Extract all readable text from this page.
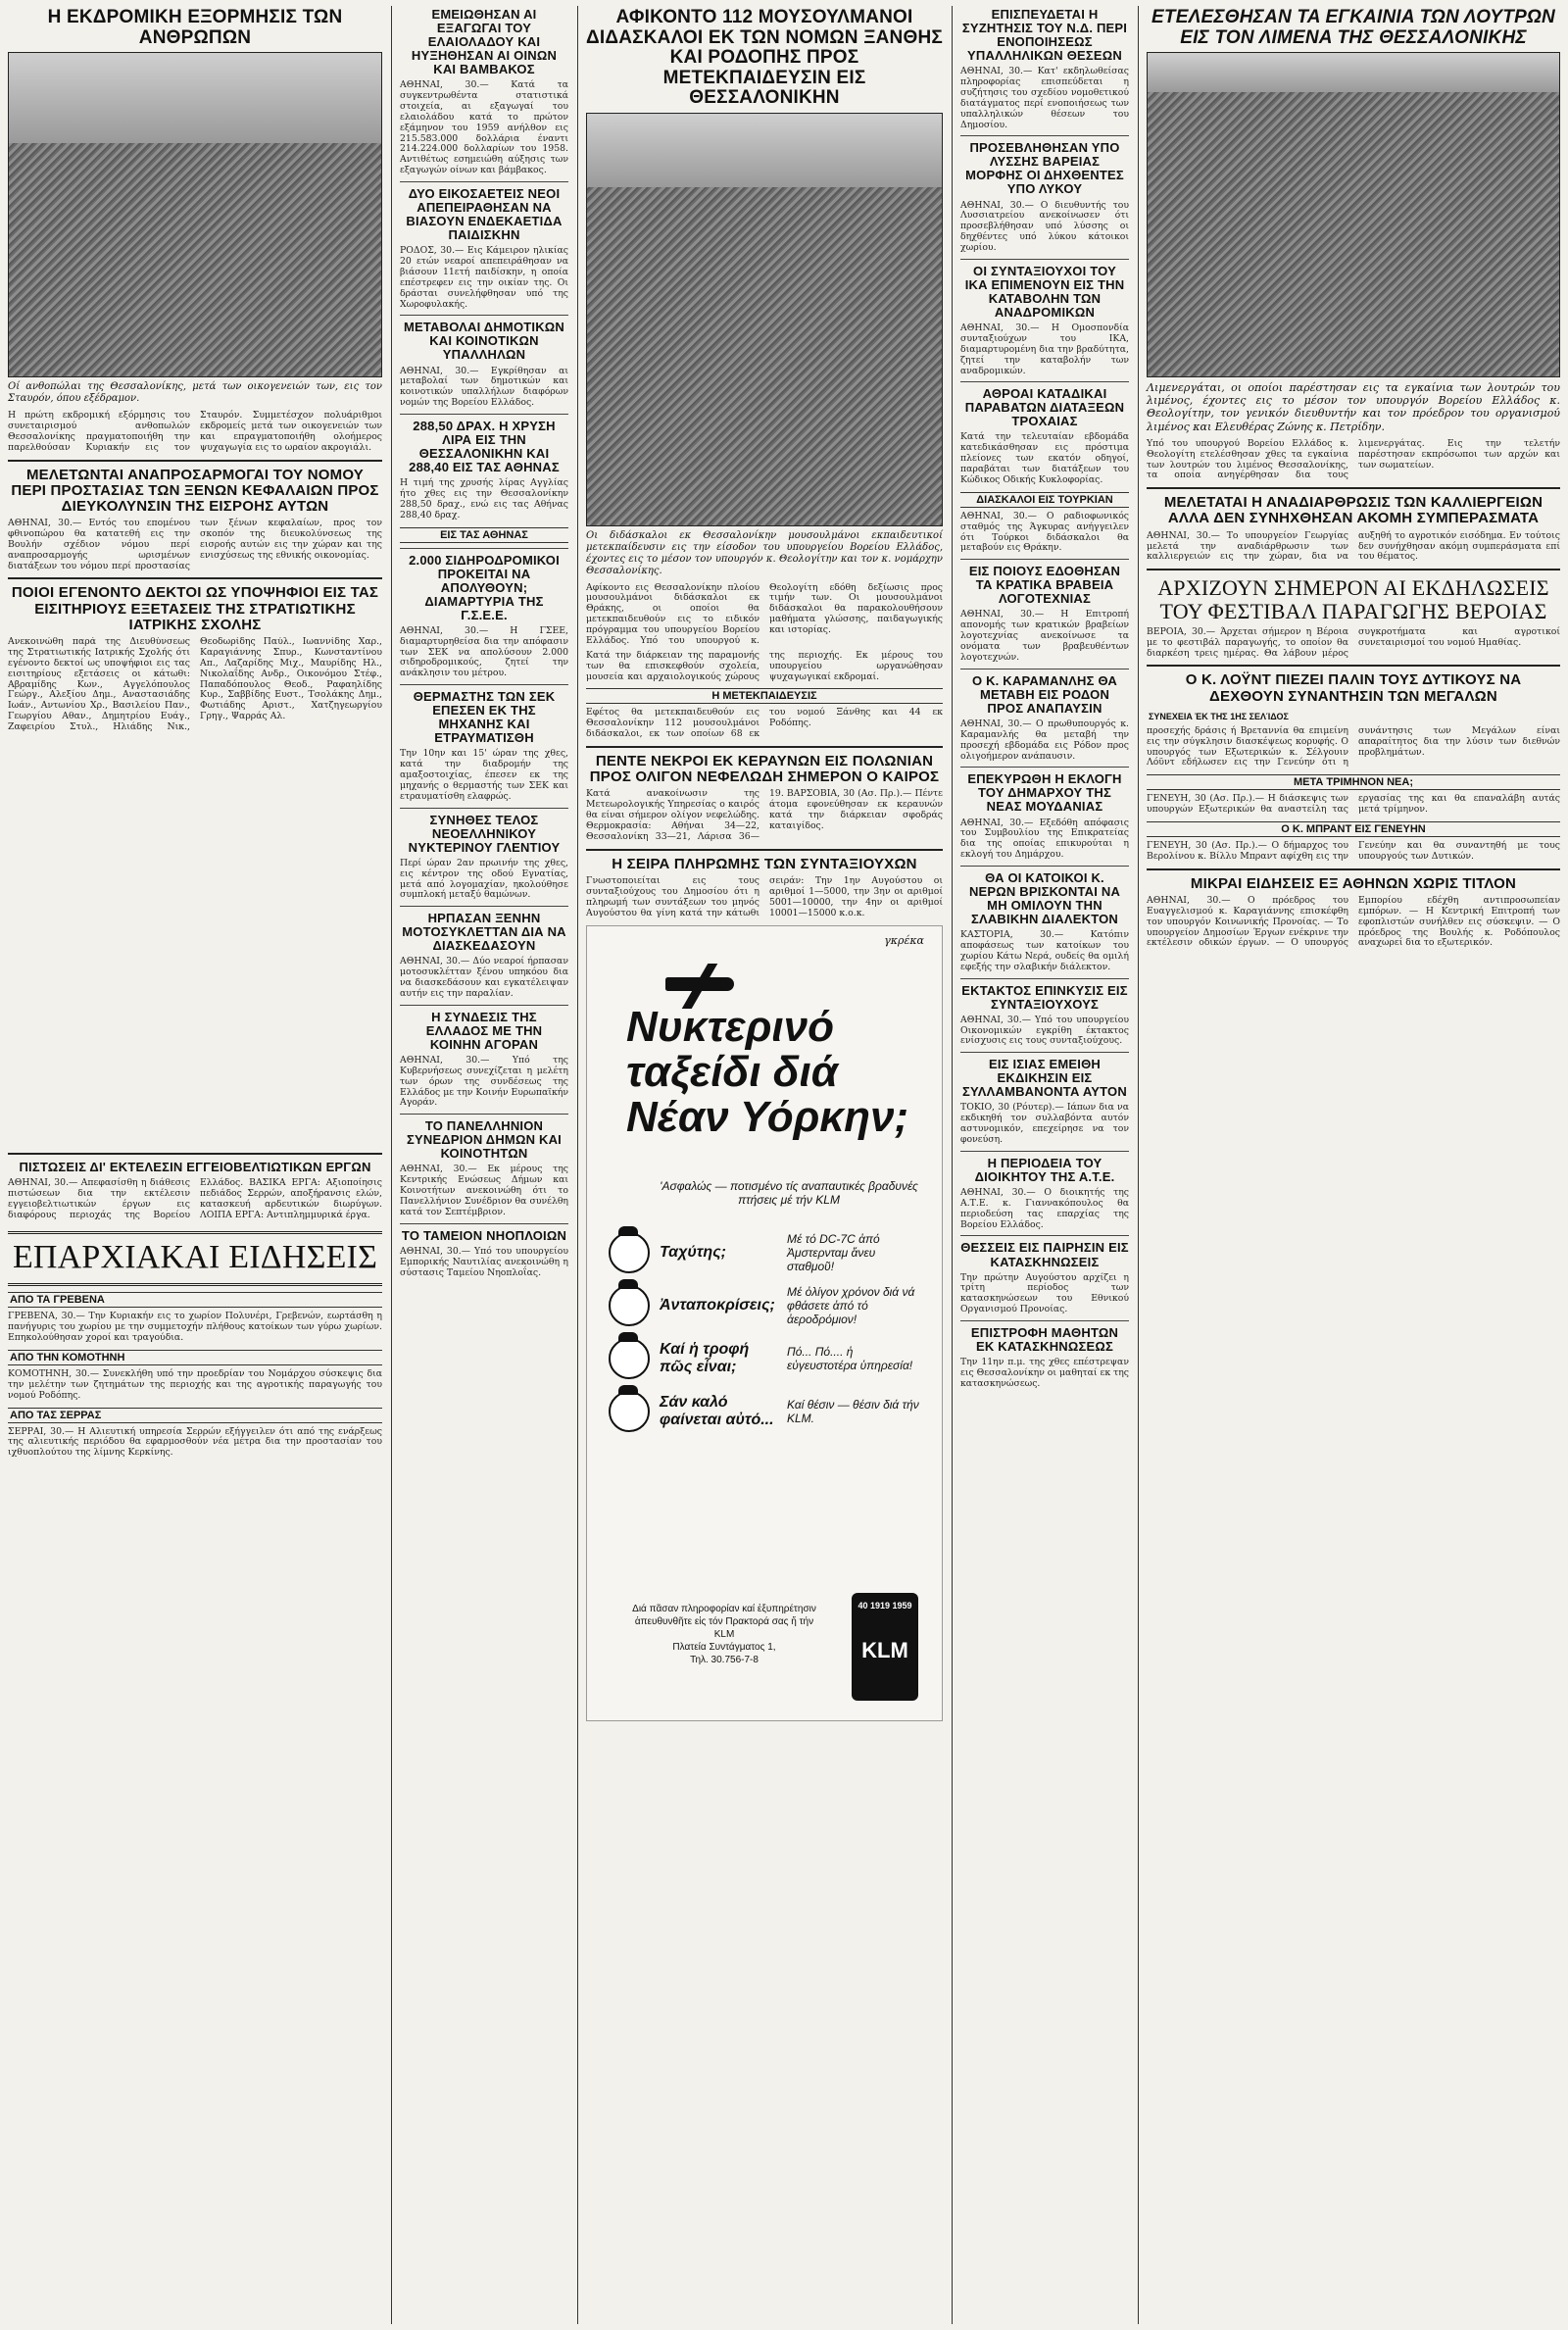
Η ΕΚΔΡΟΜΙΚΗ ΕΞΟΡΜΗΣΙΣ ΤΩΝ ΑΝΘΡΩΠΩΝ
Οί ανθοπώλαι της Θεσσαλονίκης, μετά των οικογενειών των, εις τον Σταυρόν, όπου εξέδραμον.
Η πρώτη εκδρομική εξόρμησις του συνεταιρισμού ανθοπωλών Θεσσαλονίκης πραγματοποιήθη την παρελθούσαν Κυριακήν εις τον Σταυρόν. Συμμετέσχον πολυάριθμοι εκδρομείς μετά των οικογενειών των και επραγματοποιήθη ολοήμερος ψυχαγωγία εις το ωραίον ακρογιάλι.
ΜΕΛΕΤΩΝΤΑΙ ΑΝΑΠΡΟΣΑΡΜΟΓΑΙ ΤΟΥ ΝΟΜΟΥ ΠΕΡΙ ΠΡΟΣΤΑΣΙΑΣ ΤΩΝ ΞΕΝΩΝ ΚΕΦΑΛΑΙΩΝ ΠΡΟΣ ΔΙΕΥΚΟΛΥΝΣΙΝ ΤΗΣ ΕΙΣΡΟΗΣ ΑΥΤΩΝ
ΑΘΗΝΑΙ, 30.— Εντός του επομένου φθινοπώρου θα κατατεθή εις την Βουλήν σχέδιον νόμου περί αναπροσαρμογής ωρισμένων διατάξεων του νόμου περί προστασίας των ξένων κεφαλαίων, προς τον σκοπόν της διευκολύνσεως της εισροής αυτών εις την χώραν και της ενισχύσεως της εθνικής οικονομίας.
ΠΟΙΟΙ ΕΓΕΝΟΝΤΟ ΔΕΚΤΟΙ ΩΣ ΥΠΟΨΗΦΙΟΙ ΕΙΣ ΤΑΣ ΕΙΣΙΤΗΡΙΟΥΣ ΕΞΕΤΑΣΕΙΣ ΤΗΣ ΣΤΡΑΤΙΩΤΙΚΗΣ ΙΑΤΡΙΚΗΣ ΣΧΟΛΗΣ
Ανεκοινώθη παρά της Διευθύνσεως της Στρατιωτικής Ιατρικής Σχολής ότι εγένοντο δεκτοί ως υποψήφιοι εις τας εισιτηρίους εξετάσεις οι κάτωθι: Αβραμίδης Κων., Αγγελόπουλος Γεώργ., Αλεξίου Δημ., Αναστασιάδης Ιωάν., Αντωνίου Χρ., Βασιλείου Παν., Γεωργίου Αθαν., Δημητρίου Ευάγ., Ζαφειρίου Στυλ., Ηλιάδης Νικ., Θεοδωρίδης Παύλ., Ιωαννίδης Χαρ., Καραγιάννης Σπυρ., Κωνσταντίνου Απ., Λαζαρίδης Μιχ., Μαυρίδης Ηλ., Νικολαΐδης Ανδρ., Οικονόμου Στέφ., Παπαδόπουλος Θεοδ., Ραφαηλίδης Κυρ., Σαββίδης Ευστ., Τσολάκης Δημ., Φωτιάδης Αριστ., Χατζηγεωργίου Γρηγ., Ψαρράς Αλ.
ΠΙΣΤΩΣΕΙΣ ΔΙ' ΕΚΤΕΛΕΣΙΝ ΕΓΓΕΙΟΒΕΛΤΙΩΤΙΚΩΝ ΕΡΓΩΝ
ΑΘΗΝΑΙ, 30.— Απεφασίσθη η διάθεσις πιστώσεων δια την εκτέλεσιν εγγειοβελτιωτικών έργων εις διαφόρους περιοχάς της Βορείου Ελλάδος. ΒΑΣΙΚΑ ΕΡΓΑ: Αξιοποίησις πεδιάδος Σερρών, αποξήρανσις ελών, κατασκευή αρδευτικών διωρύγων. ΛΟΙΠΑ ΕΡΓΑ: Αντιπλημμυρικά έργα.
ΕΠΑΡΧΙΑΚΑΙ ΕΙΔΗΣΕΙΣ
ΑΠΟ ΤΑ ΓΡΕΒΕΝΑ
ΓΡΕΒΕΝΑ, 30.— Την Κυριακήν εις το χωρίον Πολυνέρι, Γρεβενών, εωρτάσθη η πανήγυρις του χωρίου με την συμμετοχήν πλήθους κατοίκων των γύρω χωρίων. Επηκολούθησαν χοροί και τραγούδια.
ΑΠΟ ΤΗΝ ΚΟΜΟΤΗΝΗ
ΚΟΜΟΤΗΝΗ, 30.— Συνεκλήθη υπό την προεδρίαν του Νομάρχου σύσκεψις δια την μελέτην των ζητημάτων της περιοχής και της αγροτικής παραγωγής του νομού Ροδόπης.
ΑΠΟ ΤΑΣ ΣΕΡΡΑΣ
ΣΕΡΡΑΙ, 30.— Η Αλιευτική υπηρεσία Σερρών εξήγγειλεν ότι από της ενάρξεως της αλιευτικής περιόδου θα εφαρμοσθούν νέα μέτρα δια την προστασίαν του ιχθυοπλούτου της λίμνης Κερκίνης.
ΕΜΕΙΩΘΗΣΑΝ ΑΙ ΕΞΑΓΩΓΑΙ ΤΟΥ ΕΛΑΙΟΛΑΔΟΥ ΚΑΙ ΗΥΞΗΘΗΣΑΝ ΑΙ ΟΙΝΩΝ ΚΑΙ ΒΑΜΒΑΚΟΣ
ΑΘΗΝΑΙ, 30.— Κατά τα συγκεντρωθέντα στατιστικά στοιχεία, αι εξαγωγαί του ελαιολάδου κατά το πρώτον εξάμηνον του 1959 ανήλθον εις 215.583.000 δολλάρια έναντι 214.224.000 δολλαρίων του 1958. Αντιθέτως εσημειώθη αύξησις των εξαγωγών οίνων και βάμβακος.
ΔΥΟ ΕΙΚΟΣΑΕΤΕΙΣ ΝΕΟΙ ΑΠΕΠΕΙΡΑΘΗΣΑΝ ΝΑ ΒΙΑΣΟΥΝ ΕΝΔΕΚΑΕΤΙΔΑ ΠΑΙΔΙΣΚΗΝ
ΡΟΔΟΣ, 30.— Εις Κάμειρον ηλικίας 20 ετών νεαροί απεπειράθησαν να βιάσουν 11ετή παιδίσκην, η οποία επέστρεφεν εις την οικίαν της. Οι δράσται συνελήφθησαν υπό της Χωροφυλακής.
ΜΕΤΑΒΟΛΑΙ ΔΗΜΟΤΙΚΩΝ ΚΑΙ ΚΟΙΝΟΤΙΚΩΝ ΥΠΑΛΛΗΛΩΝ
ΑΘΗΝΑΙ, 30.— Εγκρίθησαν αι μεταβολαί των δημοτικών και κοινοτικών υπαλλήλων διαφόρων νομών της Βορείου Ελλάδος.
288,50 ΔΡΑΧ. Η ΧΡΥΣΗ ΛΙΡΑ ΕΙΣ ΤΗΝ ΘΕΣΣΑΛΟΝΙΚΗΝ ΚΑΙ 288,40 ΕΙΣ ΤΑΣ ΑΘΗΝΑΣ
Η τιμή της χρυσής λίρας Αγγλίας ήτο χθες εις την Θεσσαλονίκην 288,50 δραχ., ενώ εις τας Αθήνας 288,40 δραχ.
ΕΙΣ ΤΑΣ ΑΘΗΝΑΣ
2.000 ΣΙΔΗΡΟΔΡΟΜΙΚΟΙ ΠΡΟΚΕΙΤΑΙ ΝΑ ΑΠΟΛΥΘΟΥΝ; ΔΙΑΜΑΡΤΥΡΙΑ ΤΗΣ Γ.Σ.Ε.Ε.
ΑΘΗΝΑΙ, 30.— Η ΓΣΕΕ, διαμαρτυρηθείσα δια την απόφασιν των ΣΕΚ να απολύσουν 2.000 σιδηροδρομικούς, ζητεί την ανάκλησιν του μέτρου.
ΘΕΡΜΑΣΤΗΣ ΤΩΝ ΣΕΚ ΕΠΕΣΕΝ ΕΚ ΤΗΣ ΜΗΧΑΝΗΣ ΚΑΙ ΕΤΡΑΥΜΑΤΙΣΘΗ
Την 10ην και 15' ώραν της χθες, κατά την διαδρομήν της αμαξοστοιχίας, έπεσεν εκ της μηχανής ο θερμαστής των ΣΕΚ και ετραυματίσθη ελαφρώς.
ΣΥΝΗΘΕΣ ΤΕΛΟΣ ΝΕΟΕΛΛΗΝΙΚΟΥ ΝΥΚΤΕΡΙΝΟΥ ΓΛΕΝΤΙΟΥ
Περί ώραν 2αν πρωινήν της χθες, εις κέντρον της οδού Εγνατίας, μετά από λογομαχίαν, ηκολούθησε συμπλοκή μεταξύ θαμώνων.
ΗΡΠΑΣΑΝ ΞΕΝΗΝ ΜΟΤΟΣΥΚΛΕΤΤΑΝ ΔΙΑ ΝΑ ΔΙΑΣΚΕΔΑΣΟΥΝ
ΑΘΗΝΑΙ, 30.— Δύο νεαροί ήρπασαν μοτοσυκλέτταν ξένου υπηκόου δια να διασκεδάσουν και εγκατέλειψαν αυτήν εις την παραλίαν.
Η ΣΥΝΔΕΣΙΣ ΤΗΣ ΕΛΛΑΔΟΣ ΜΕ ΤΗΝ ΚΟΙΝΗΝ ΑΓΟΡΑΝ
ΑΘΗΝΑΙ, 30.— Υπό της Κυβερνήσεως συνεχίζεται η μελέτη των όρων της συνδέσεως της Ελλάδος με την Κοινήν Ευρωπαϊκήν Αγοράν.
ΤΟ ΠΑΝΕΛΛΗΝΙΟΝ ΣΥΝΕΔΡΙΟΝ ΔΗΜΩΝ ΚΑΙ ΚΟΙΝΟΤΗΤΩΝ
ΑΘΗΝΑΙ, 30.— Εκ μέρους της Κεντρικής Ενώσεως Δήμων και Κοινοτήτων ανεκοινώθη ότι το Πανελλήνιον Συνέδριον θα συνέλθη κατά τον Σεπτέμβριον.
ΤΟ ΤΑΜΕΙΟΝ ΝΗΟΠΛΟΙΩΝ
ΑΘΗΝΑΙ, 30.— Υπό του υπουργείου Εμπορικής Ναυτιλίας ανεκοινώθη η σύστασις Ταμείου Νηοπλοΐας.
ΑΦΙΚΟΝΤΟ 112 ΜΟΥΣΟΥΛΜΑΝΟΙ ΔΙΔΑΣΚΑΛΟΙ ΕΚ ΤΩΝ ΝΟΜΩΝ ΞΑΝΘΗΣ ΚΑΙ ΡΟΔΟΠΗΣ ΠΡΟΣ ΜΕΤΕΚΠΑΙΔΕΥΣΙΝ ΕΙΣ ΘΕΣΣΑΛΟΝΙΚΗΝ
Οι διδάσκαλοι εκ Θεσσαλονίκην μουσουλμάνοι εκπαιδευτικοί μετεκπαίδευσιν εις την είσοδον του υπουργείου Βορείου Ελλάδος, έχοντες εις το μέσον τον υπουργόν κ. Θεολογίτην και τον κ. νομάρχην Θεσσαλονίκης.
Αφίκοντο εις Θεσσαλονίκην πλοίου μουσουλμάνοι διδάσκαλοι εκ Θράκης, οι οποίοι θα μετεκπαιδευθούν εις το ειδικόν πρόγραμμα του υπουργείου Βορείου Ελλάδος. Υπό του υπουργού κ. Θεολογίτη εδόθη δεξίωσις προς τιμήν των. Οι μουσουλμάνοι διδάσκαλοι θα παρακολουθήσουν μαθήματα γλώσσης, παιδαγωγικής και ιστορίας.
Κατά την διάρκειαν της παραμονής των θα επισκεφθούν σχολεία, μουσεία και αρχαιολογικούς χώρους της περιοχής. Εκ μέρους του υπουργείου ωργανώθησαν ψυχαγωγικαί εκδρομαί.
Η ΜΕΤΕΚΠΑΙΔΕΥΣΙΣ
Εφέτος θα μετεκπαιδευθούν εις Θεσσαλονίκην 112 μουσουλμάνοι διδάσκαλοι, εκ των οποίων 68 εκ του νομού Ξάνθης και 44 εκ Ροδόπης.
ΠΕΝΤΕ ΝΕΚΡΟΙ ΕΚ ΚΕΡΑΥΝΩΝ ΕΙΣ ΠΟΛΩΝΙΑΝ ΠΡΟΣ ΟΛΙΓΟΝ ΝΕΦΕΛΩΔΗ ΣΗΜΕΡΟΝ Ο ΚΑΙΡΟΣ
Κατά ανακοίνωσιν της Μετεωρολογικής Υπηρεσίας ο καιρός θα είναι σήμερον ολίγον νεφελώδης. Θερμοκρασία: Αθήναι 34—22, Θεσσαλονίκη 33—21, Λάρισα 36—19. ΒΑΡΣΟΒΙΑ, 30 (Ασ. Πρ.).— Πέντε άτομα εφονεύθησαν εκ κεραυνών κατά την διάρκειαν σφοδράς καταιγίδος.
Η ΣΕΙΡΑ ΠΛΗΡΩΜΗΣ ΤΩΝ ΣΥΝΤΑΞΙΟΥΧΩΝ
Γνωστοποιείται εις τους συνταξιούχους του Δημοσίου ότι η πληρωμή των συντάξεων του μηνός Αυγούστου θα γίνη κατά την κάτωθι σειράν: Την 1ην Αυγούστου οι αριθμοί 1—5000, την 3ην οι αριθμοί 5001—10000, την 4ην οι αριθμοί 10001—15000 κ.ο.κ.
γκρέκα
Νυκτερινό
ταξείδι διά
Νέαν Υόρκην;
'Ασφαλώς — ποτισμένο τίς αναπαυτικές βραδυνές πτήσεις μέ τήν KLM
Ταχύτης;
Μέ τό DC-7C ἀπό Ἀμστερνταμ ἄνευ σταθμοῦ!
Ἀνταποκρίσεις;
Μέ ὀλίγον χρόνον διά νά φθάσετε ἀπό τό ἀεροδρόμιον!
Καί ἡ τροφή πῶς εἶναι;
Πό... Πό.... ἡ εὐγευστοτέρα ὑπηρεσία!
Σάν καλό φαίνεται αὐτό...
Καί θέσιν — θέσιν διά τήν KLM.
Διά πᾶσαν πληροφορίαν καί ἐξυπηρέτησιν ἀπευθυνθῆτε εἰς τόν Πρακτορά σας ἤ τήν KLM
Πλατεία Συντάγματος 1,
Τηλ. 30.756-7-8
40 1919 1959
KLM
ΕΠΙΣΠΕΥΔΕΤΑΙ Η ΣΥΖΗΤΗΣΙΣ ΤΟΥ Ν.Δ. ΠΕΡΙ ΕΝΟΠΟΙΗΣΕΩΣ ΥΠΑΛΛΗΛΙΚΩΝ ΘΕΣΕΩΝ
ΑΘΗΝΑΙ, 30.— Κατ' εκδηλωθείσας πληροφορίας επισπεύδεται η συζήτησις του σχεδίου νομοθετικού διατάγματος περί ενοποιήσεως των υπαλληλικών θέσεων του Δημοσίου.
ΠΡΟΣΕΒΛΗΘΗΣΑΝ ΥΠΟ ΛΥΣΣΗΣ ΒΑΡΕΙΑΣ ΜΟΡΦΗΣ ΟΙ ΔΗΧΘΕΝΤΕΣ ΥΠΟ ΛΥΚΟΥ
ΑΘΗΝΑΙ, 30.— Ο διευθυντής του Λυσσιατρείου ανεκοίνωσεν ότι προσεβλήθησαν υπό λύσσης οι δηχθέντες υπό λύκου κάτοικοι χωρίου.
ΟΙ ΣΥΝΤΑΞΙΟΥΧΟΙ ΤΟΥ ΙΚΑ ΕΠΙΜΕΝΟΥΝ ΕΙΣ ΤΗΝ ΚΑΤΑΒΟΛΗΝ ΤΩΝ ΑΝΑΔΡΟΜΙΚΩΝ
ΑΘΗΝΑΙ, 30.— Η Ομοσπονδία συνταξιούχων του ΙΚΑ, διαμαρτυρομένη δια την βραδύτητα, ζητεί την καταβολήν των αναδρομικών.
ΑΘΡΟΑΙ ΚΑΤΑΔΙΚΑΙ ΠΑΡΑΒΑΤΩΝ ΔΙΑΤΑΞΕΩΝ ΤΡΟΧΑΙΑΣ
Κατά την τελευταίαν εβδομάδα κατεδικάσθησαν εις πρόστιμα πλείονες των εκατόν οδηγοί, παραβάται των διατάξεων του Κώδικος Οδικής Κυκλοφορίας.
ΔΙΑΣΚΑΛΟΙ ΕΙΣ ΤΟΥΡΚΙΑΝ
ΑΘΗΝΑΙ, 30.— Ο ραδιοφωνικός σταθμός της Άγκυρας ανήγγειλεν ότι Τούρκοι διδάσκαλοι θα μεταβούν εις Θράκην.
ΕΙΣ ΠΟΙΟΥΣ ΕΔΟΘΗΣΑΝ ΤΑ ΚΡΑΤΙΚΑ ΒΡΑΒΕΙΑ ΛΟΓΟΤΕΧΝΙΑΣ
ΑΘΗΝΑΙ, 30.— Η Επιτροπή απονομής των κρατικών βραβείων λογοτεχνίας ανεκοίνωσε τα ονόματα των βραβευθέντων λογοτεχνών.
Ο Κ. ΚΑΡΑΜΑΝΛΗΣ ΘΑ ΜΕΤΑΒΗ ΕΙΣ ΡΟΔΟΝ ΠΡΟΣ ΑΝΑΠΑΥΣΙΝ
ΑΘΗΝΑΙ, 30.— Ο πρωθυπουργός κ. Καραμανλής θα μεταβή την προσεχή εβδομάδα εις Ρόδον προς ολιγοήμερον ανάπαυσιν.
ΕΠΕΚΥΡΩΘΗ Η ΕΚΛΟΓΗ ΤΟΥ ΔΗΜΑΡΧΟΥ ΤΗΣ ΝΕΑΣ ΜΟΥΔΑΝΙΑΣ
ΑΘΗΝΑΙ, 30.— Εξεδόθη απόφασις του Συμβουλίου της Επικρατείας δια της οποίας επικυρούται η εκλογή του Δημάρχου.
ΘΑ ΟΙ ΚΑΤΟΙΚΟΙ Κ. ΝΕΡΩΝ ΒΡΙΣΚΟΝΤΑΙ ΝΑ ΜΗ ΟΜΙΛΟΥΝ ΤΗΝ ΣΛΑΒΙΚΗΝ ΔΙΑΛΕΚΤΟΝ
ΚΑΣΤΟΡΙΑ, 30.— Κατόπιν αποφάσεως των κατοίκων του χωρίου Κάτω Νερά, ουδείς θα ομιλή εφεξής την σλαβικήν διάλεκτον.
ΕΚΤΑΚΤΟΣ ΕΠΙΝΚΥΣΙΣ ΕΙΣ ΣΥΝΤΑΞΙΟΥΧΟΥΣ
ΑΘΗΝΑΙ, 30.— Υπό του υπουργείου Οικονομικών εγκρίθη έκτακτος ενίσχυσις εις τους συνταξιούχους.
ΕΙΣ ΙΣΙΑΣ ΕΜΕΙΘΗ ΕΚΔΙΚΗΣΙΝ ΕΙΣ ΣΥΛΛΑΜΒΑΝΟΝΤΑ ΑΥΤΟΝ
ΤΟΚΙΟ, 30 (Ρόυτερ).— Ιάπων δια να εκδικηθή τον συλλαβόντα αυτόν αστυνομικόν, επεχείρησε να τον φονεύση.
Η ΠΕΡΙΟΔΕΙΑ ΤΟΥ ΔΙΟΙΚΗΤΟΥ ΤΗΣ Α.Τ.Ε.
ΑΘΗΝΑΙ, 30.— Ο διοικητής της Α.Τ.Ε. κ. Γιαννακόπουλος θα περιοδεύση τας επαρχίας της Βορείου Ελλάδος.
ΘΕΣΣΕΙΣ ΕΙΣ ΠΑΙΡΗΣΙΝ ΕΙΣ ΚΑΤΑΣΚΗΝΩΣΕΙΣ
Την πρώτην Αυγούστου αρχίζει η τρίτη περίοδος των κατασκηνώσεων του Εθνικού Οργανισμού Προνοίας.
ΕΠΙΣΤΡΟΦΗ ΜΑΘΗΤΩΝ ΕΚ ΚΑΤΑΣΚΗΝΩΣΕΩΣ
Την 11ην π.μ. της χθες επέστρεψαν εις Θεσσαλονίκην οι μαθηταί εκ της κατασκηνώσεως.
ΕΤΕΛΕΣΘΗΣΑΝ ΤΑ ΕΓΚΑΙΝΙΑ ΤΩΝ ΛΟΥΤΡΩΝ ΕΙΣ ΤΟΝ ΛΙΜΕΝΑ ΤΗΣ ΘΕΣΣΑΛΟΝΙΚΗΣ
Λιμενεργάται, οι οποίοι παρέστησαν εις τα εγκαίνια των λουτρών του λιμένος, έχοντες εις το μέσον τον υπουργόν Βορείου Ελλάδος κ. Θεολογίτην, τον γενικόν διευθυντήν και τον πρόεδρον του οργανισμού λιμένος και Ελευθέρας Ζώνης κ. Πετρίδην.
Υπό του υπουργού Βορείου Ελλάδος κ. Θεολογίτη ετελέσθησαν χθες τα εγκαίνια των λουτρών του λιμένος Θεσσαλονίκης, τα οποία ανηγέρθησαν δια τους λιμενεργάτας. Εις την τελετήν παρέστησαν εκπρόσωποι των αρχών και των σωματείων.
ΜΕΛΕΤΑΤΑΙ Η ΑΝΑΔΙΑΡΘΡΩΣΙΣ ΤΩΝ ΚΑΛΛΙΕΡΓΕΙΩΝ ΑΛΛΑ ΔΕΝ ΣΥΝΗΧΘΗΣΑΝ ΑΚΟΜΗ ΣΥΜΠΕΡΑΣΜΑΤΑ
ΑΘΗΝΑΙ, 30.— Το υπουργείον Γεωργίας μελετά την αναδιάρθρωσιν των καλλιεργειών εις την χώραν, δια να αυξηθή το αγροτικόν εισόδημα. Εν τούτοις δεν συνήχθησαν ακόμη συμπεράσματα επί του θέματος.
ΑΡΧΙΖΟΥΝ ΣΗΜΕΡΟΝ ΑΙ ΕΚΔΗΛΩΣΕΙΣ ΤΟΥ ΦΕΣΤΙΒΑΛ ΠΑΡΑΓΩΓΗΣ ΒΕΡΟΙΑΣ
ΒΕΡΟΙΑ, 30.— Άρχεται σήμερον η Βέροια με το φεστιβάλ παραγωγής, το οποίον θα διαρκέση τρεις ημέρας. Θα λάβουν μέρος συγκροτήματα και αγροτικοί συνεταιρισμοί του νομού Ημαθίας.
Ο Κ. ΛΟΫΝΤ ΠΙΕΖΕΙ ΠΑΛΙΝ ΤΟΥΣ ΔΥΤΙΚΟΥΣ ΝΑ ΔΕΧΘΟΥΝ ΣΥΝΑΝΤΗΣΙΝ ΤΩΝ ΜΕΓΑΛΩΝ
ΣΥΝΕΧΕΙΑ ἘΚ ΤΗ͂Σ 1ΗΣ ΣΕΛΊΔΟΣ
προσεχής δράσις ή Βρεταννία θα επιμείνη εις την σύγκλησιν διασκέψεως κορυφής. Ο υπουργός των Εξωτερικών κ. Σέλγουιν Λόϋντ εδήλωσεν εις την Γενεύην ότι η συνάντησις των Μεγάλων είναι απαραίτητος δια την λύσιν των διεθνών προβλημάτων.
ΜΕΤΑ ΤΡΙΜΗΝΟΝ ΝΕΑ;
ΓΕΝΕΥΗ, 30 (Ασ. Πρ.).— Η διάσκεψις των υπουργών Εξωτερικών θα αναστείλη τας εργασίας της και θα επαναλάβη αυτάς μετά τρίμηνον.
Ο Κ. ΜΠΡΑΝΤ ΕΙΣ ΓΕΝΕΥΗΝ
ΓΕΝΕΥΗ, 30 (Ασ. Πρ.).— Ο δήμαρχος του Βερολίνου κ. Βίλλυ Μπραντ αφίχθη εις την Γενεύην και θα συναντηθή με τους υπουργούς των Δυτικών.
ΜΙΚΡΑΙ ΕΙΔΗΣΕΙΣ ΕΞ ΑΘΗΝΩΝ ΧΩΡΙΣ ΤΙΤΛΟΝ
ΑΘΗΝΑΙ, 30.— Ο πρόεδρος του Ευαγγελισμού κ. Καραγιάννης επισκέφθη τον υπουργόν Κοινωνικής Προνοίας. — Το υπουργείον Δημοσίων Έργων ενέκρινε την εκτέλεσιν οδικών έργων. — Ο υπουργός Εμπορίου εδέχθη αντιπροσωπείαν εμπόρων. — Η Κεντρική Επιτροπή των εφοπλιστών συνήλθεν εις σύσκεψιν. — Ο πρόεδρος της Βουλής κ. Ροδόπουλος αναχωρεί δια το εξωτερικόν.
